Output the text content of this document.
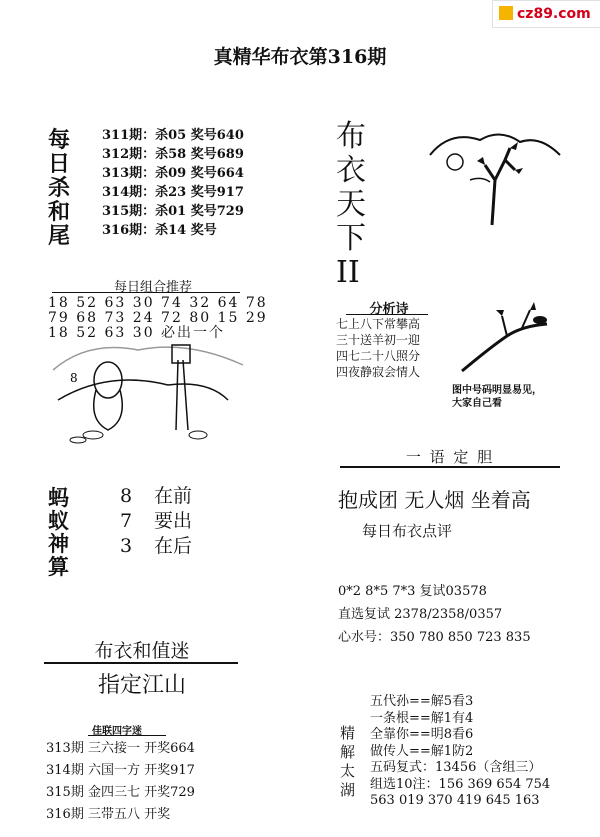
cz89.com
真精华布衣第316期
每
日
杀
和
尾
311期：杀05 奖号640
312期：杀58 奖号689
313期：杀09 奖号664
314期：杀23 奖号917
315期：杀01 奖号729
316期：杀14 奖号
布
衣
天
下
II
每日组合推荐
18 52 63 30 74 32 64 78
79 68 73 24 72 80 15 29
18 52 63 30 必出一个
8
分析诗
七上八下常攀高
三十送羊初一迎
四七二十八照分
四夜静寂会情人
图中号码明显易见，
大家自己看
一 语 定 胆
抱成团 无人烟 坐着高
每日布衣点评
蚂
蚁
神
算
8 在前
7 要出
3 在后
0*2 8*5 7*3 复试03578
直选复试 2378/2358/0357
心水号：350 780 850 723 835
布衣和值迷
指定江山
精
解
太
湖
五代孙==解5看3
一条根==解1有4
全靠你==明8看6
做传人==解1防2
五码复式：13456（含组三）
组选10注：156 369 654 754
563 019 370 419 645 163
佳联四字迷
313期 三六接一 开奖664
314期 六国一方 开奖917
315期 金四三七 开奖729
316期 三带五八 开奖
